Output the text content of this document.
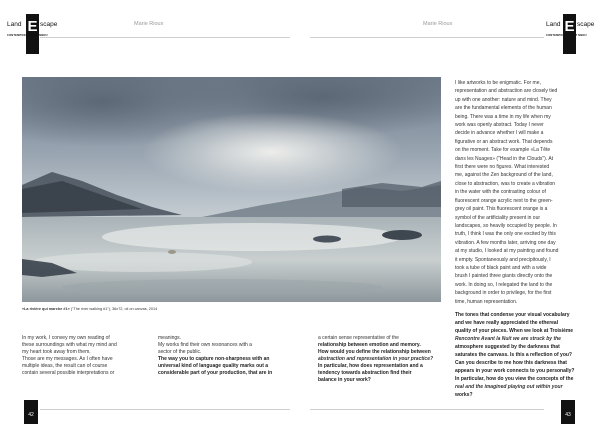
Land E scape
CONTEMPORARY ART MENU
Marie Rioux	Marie Rioux	Land E scape
CONTEMPORARY ART MENU
«La rivière qui marche #1» ("The river walking #1"), 36x72, oil on canvas, 2014

In my work, I convey my own reading of

these surroundings with what my mind and

my heart took away from them.

Those are my messages. As I often have

multiple ideas, the result can of course

contain several possible interpretations or

meanings.

My works find their own resonances with a

sector of the public.

The way you to capture non-sharpness with an

universal kind of language quality marks out a

considerable part of your production, that are in

a certain sense representative of the

relationship between emotion and memory.

How would you define the relationship between

abstraction and representation in your practice?

In particular, how does representation and a

tendency towards abstraction find their

balance in your work?

I like artworks to be enigmatic. For me,

representation and abstraction are closely tied

up with one another: nature and mind. They

are the fundamental elements of the human

being. There was a time in my life when my

work was openly abstract. Today I never

decide in advance whether I will make a

figurative or an abstract work. That depends

on the moment. Take for example «La Tête

dans les Nuages» ("Head in the Clouds"). At

first there were no figures. What interested

me, against the Zen background of the land,

close to abstraction, was to create a vibration

in the water with the contrasting colour of

fluorescent orange acrylic next to the green-

grey oil paint. This fluorescent orange is a

symbol of the artificiality present in our

landscapes, so heavily occupied by people. In

truth, I think I was the only one excited by this

vibration. A few months later, arriving one day

at my studio, I looked at my painting and found

it empty. Spontaneously and precipitously, I

took a tube of black paint and with a wide

brush I painted three giants directly onto the

work. In doing so, I relegated the land to the

background in order to privilege, for the first

time, human representation.

The tones that condense your visual vocabulary

and we have really appreciated the ethereal

quality of your pieces. When we look at Troisième

Rencontre Avant la Nuit we are struck by the

atmosphere suggested by the darkness that

saturates the canvass. Is this a reflection of you?

Can you describe to me how this darkness that

appears in your work connects to you personally?

In particular, how do you view the concepts of the

real and the imagined playing out within your

works?

42	43
